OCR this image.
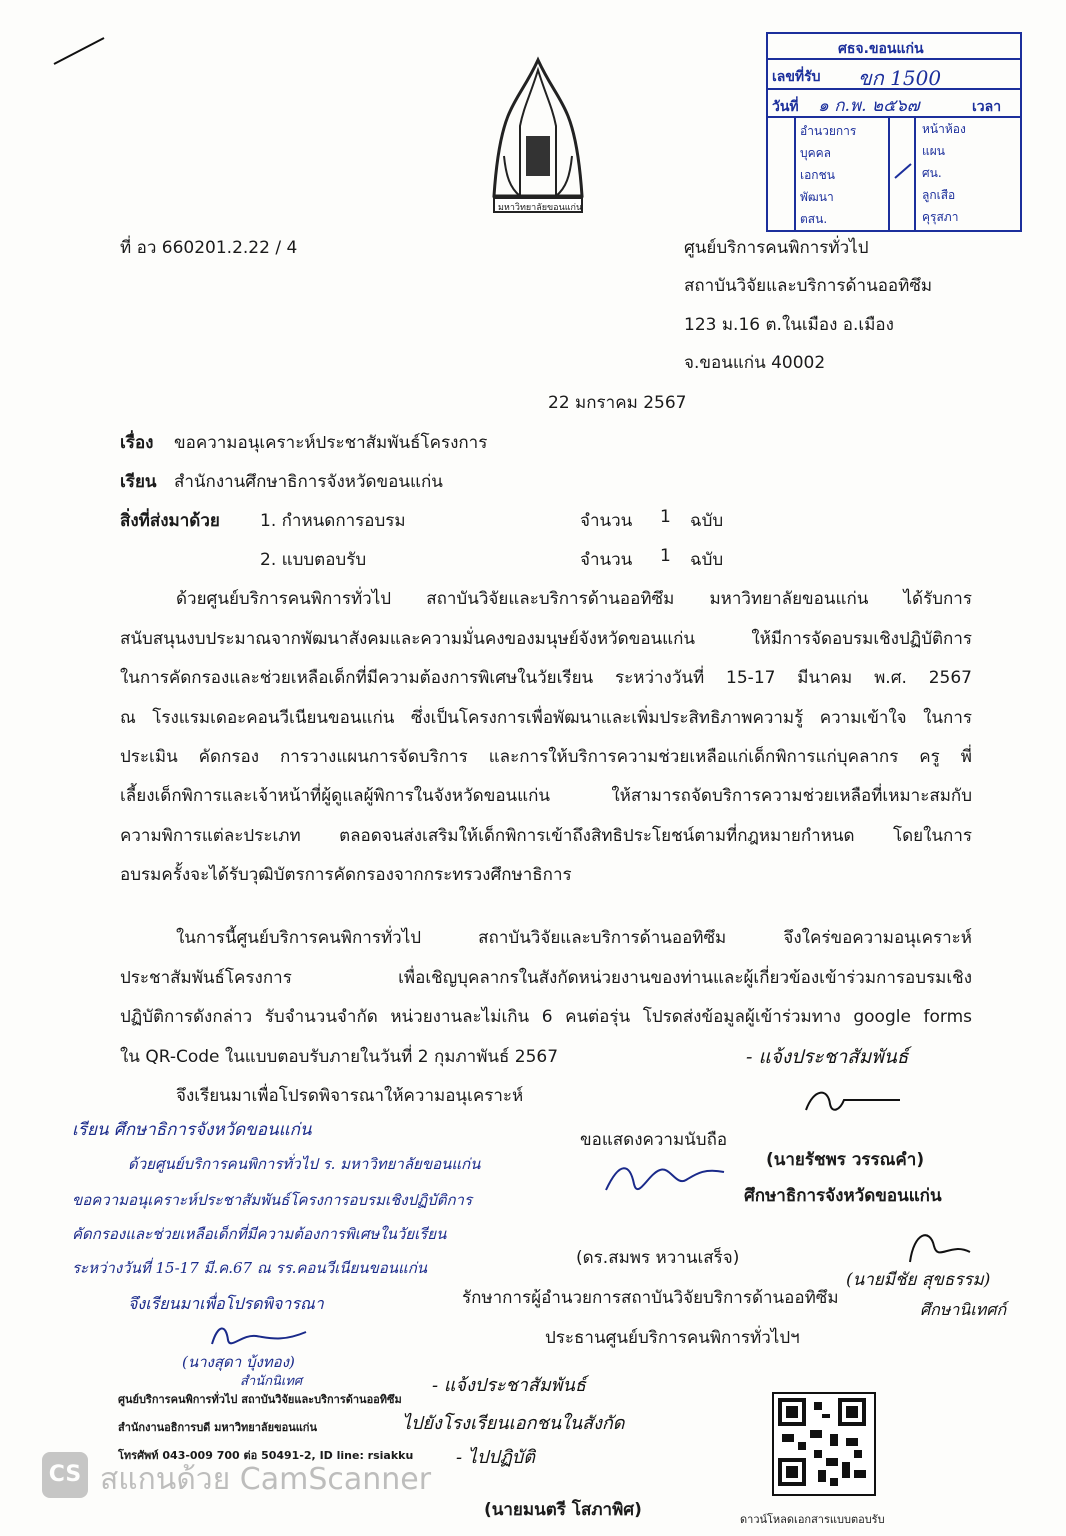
มหาวิทยาลัยขอนแก่น
ศธจ.ขอนแก่น
เลขที่รับ ขก 1500
วันที่ ๑ ก.พ. ๒๕๖๗	เวลา
อำนวยการ
บุคคล
เอกชน
พัฒนา
ตสน.
หน้าห้อง
แผน
ศน.
ลูกเสือ
คุรุสภา
ที่ อว 660201.2.22 / 4	ศูนย์บริการคนพิการทั่วไป
สถาบันวิจัยและบริการด้านออทิซึม
123 ม.16 ต.ในเมือง อ.เมือง
จ.ขอนแก่น 40002
22 มกราคม 2567
เรื่อง ขอความอนุเคราะห์ประชาสัมพันธ์โครงการ
เรียน สำนักงานศึกษาธิการจังหวัดขอนแก่น
สิ่งที่ส่งมาด้วย 1. กำหนดการอบรม	จำนวน 1 ฉบับ
2. แบบตอบรับ	จำนวน 1 ฉบับ
ด้วยศูนย์บริการคนพิการทั่วไป สถาบันวิจัยและบริการด้านออทิซึม มหาวิทยาลัยขอนแก่น ได้รับการ
สนับสนุนงบประมาณจากพัฒนาสังคมและความมั่นคงของมนุษย์จังหวัดขอนแก่น ให้มีการจัดอบรมเชิงปฏิบัติการ
ในการคัดกรองและช่วยเหลือเด็กที่มีความต้องการพิเศษในวัยเรียน ระหว่างวันที่ 15-17 มีนาคม พ.ศ. 2567
ณ โรงแรมเดอะคอนวีเนียนขอนแก่น ซึ่งเป็นโครงการเพื่อพัฒนาและเพิ่มประสิทธิภาพความรู้ ความเข้าใจ ในการ
ประเมิน คัดกรอง การวางแผนการจัดบริการ และการให้บริการความช่วยเหลือแก่เด็กพิการแก่บุคลากร ครู พี่
เลี้ยงเด็กพิการและเจ้าหน้าที่ผู้ดูแลผู้พิการในจังหวัดขอนแก่น ให้สามารถจัดบริการความช่วยเหลือที่เหมาะสมกับ
ความพิการแต่ละประเภท ตลอดจนส่งเสริมให้เด็กพิการเข้าถึงสิทธิประโยชน์ตามที่กฎหมายกำหนด โดยในการ
อบรมครั้งจะได้รับวุฒิบัตรการคัดกรองจากกระทรวงศึกษาธิการ
ในการนี้ศูนย์บริการคนพิการทั่วไป สถาบันวิจัยและบริการด้านออทิซึม จึงใคร่ขอความอนุเคราะห์
ประชาสัมพันธ์โครงการ เพื่อเชิญบุคลากรในสังกัดหน่วยงานของท่านและผู้เกี่ยวข้องเข้าร่วมการอบรมเชิง
ปฏิบัติการดังกล่าว รับจำนวนจำกัด หน่วยงานละไม่เกิน 6 คนต่อรุ่น โปรดส่งข้อมูลผู้เข้าร่วมทาง google forms
ใน QR-Code ในแบบตอบรับภายในวันที่ 2 กุมภาพันธ์ 2567
จึงเรียนมาเพื่อโปรดพิจารณาให้ความอนุเคราะห์
- แจ้งประชาสัมพันธ์
ขอแสดงความนับถือ
(ดร.สมพร หวานเสร็จ)
รักษาการผู้อำนวยการสถาบันวิจัยบริการด้านออทิซึม
ประธานศูนย์บริการคนพิการทั่วไปฯ
(นายรัชพร วรรณคำ)
ศึกษาธิการจังหวัดขอนแก่น
(นายมีชัย สุขธรรม)
ศึกษานิเทศก์
เรียน ศึกษาธิการจังหวัดขอนแก่น
ด้วยศูนย์บริการคนพิการทั่วไป ร. มหาวิทยาลัยขอนแก่น
ขอความอนุเคราะห์ประชาสัมพันธ์โครงการอบรมเชิงปฏิบัติการ
คัดกรองและช่วยเหลือเด็กที่มีความต้องการพิเศษในวัยเรียน
ระหว่างวันที่ 15-17 มี.ค.67 ณ รร.คอนวีเนียนขอนแก่น
จึงเรียนมาเพื่อโปรดพิจารณา
(นางสุดา บุ้งทอง)
สำนักนิเทศ	- แจ้งประชาสัมพันธ์
ไปยังโรงเรียนเอกชนในสังกัด
- ไปปฏิบัติ
(นายมนตรี โสภาพิศ)
ศูนย์บริการคนพิการทั่วไป สถาบันวิจัยและบริการด้านออทิซึม
สำนักงานอธิการบดี มหาวิทยาลัยขอนแก่น
โทรศัพท์ 043-009 700 ต่อ 50491-2, ID line: rsiakku
ดาวน์โหลดเอกสารแบบตอบรับ
CS สแกนด้วย CamScanner
